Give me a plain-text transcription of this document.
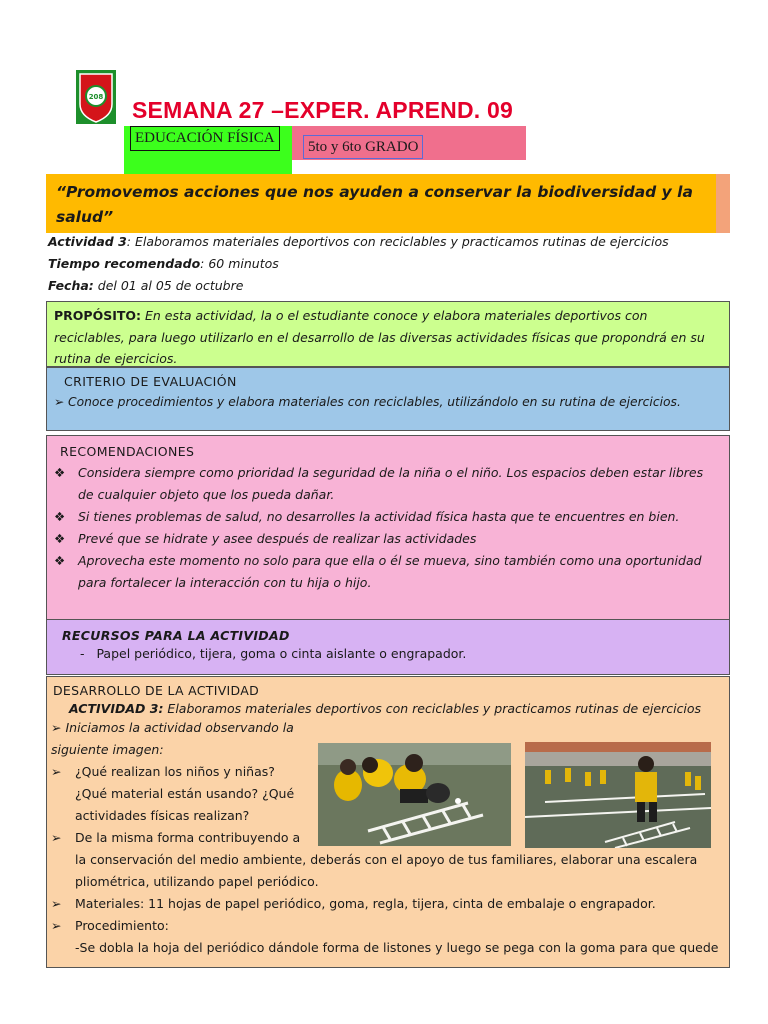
208 SEMANA 27 –EXPER. APREND. 09
EDUCACIÓN FÍSICA
5to y 6to GRADO
“Promovemos acciones que nos ayuden a conservar la biodiversidad y la salud”
Actividad 3: Elaboramos materiales deportivos con reciclables y practicamos rutinas de ejercicios
Tiempo recomendado: 60 minutos
Fecha: del 01 al 05 de octubre
PROPÓSITO: En esta actividad, la o el estudiante conoce y elabora materiales deportivos con reciclables, para luego utilizarlo en el desarrollo de las diversas actividades físicas que propondrá en su rutina de ejercicios.
CRITERIO DE EVALUACIÓN
➢ Conoce procedimientos y elabora materiales con reciclables, utilizándolo en su rutina de ejercicios.
RECOMENDACIONES
❖	Considera siempre como prioridad la seguridad de la niña o el niño. Los espacios deben estar libres de cualquier objeto que los pueda dañar.
❖	Si tienes problemas de salud, no desarrolles la actividad física hasta que te encuentres en bien.
❖	Prevé que se hidrate y asee después de realizar las actividades
❖	Aprovecha este momento no solo para que ella o él se mueva, sino también como una oportunidad para fortalecer la interacción con tu hija o hijo.
RECURSOS PARA LA ACTIVIDAD
- Papel periódico, tijera, goma o cinta aislante o engrapador.
DESARROLLO DE LA ACTIVIDAD
ACTIVIDAD 3: Elaboramos materiales deportivos con reciclables y practicamos rutinas de ejercicios
➢ Iniciamos la actividad observando la
siguiente imagen:
➢	¿Qué realizan los niños y niñas?
¿Qué material están usando? ¿Qué
actividades físicas realizan?
➢	De la misma forma contribuyendo a
la conservación del medio ambiente, deberás con el apoyo de tus familiares, elaborar una escalera
pliométrica, utilizando papel periódico.
➢	Materiales: 11 hojas de papel periódico, goma, regla, tijera, cinta de embalaje o engrapador.
➢	Procedimiento:
-Se dobla la hoja del periódico dándole forma de listones y luego se pega con la goma para que quede
